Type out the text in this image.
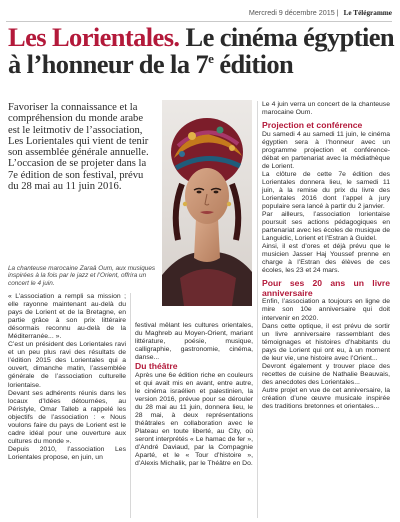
Mercredi 9 décembre 2015 | Le Télégramme
Les Lorientales. Le cinéma égyptien
à l’honneur de la 7e édition

Favoriser la connaissance et la compréhension du monde arabe est le leitmotiv de l’association, Les Lorientales qui vient de tenir son assemblée générale annuelle. L’occasion de se projeter dans la 7e édition de son festival, prévu du 28 mai au 11 juin 2016.

La chanteuse marocaine Zaraâ Oum, aux musiques inspirées à la fois par le jazz et l’Orient, offrira un concert le 4 juin.

« L’association a rempli sa mission ; elle rayonne maintenant au-delà du pays de Lorient et de la Bretagne, en partie grâce à son prix littéraire désormais reconnu au-delà de la Méditerranée... ».

C’est un président des Lorientales ravi et un peu plus ravi des résultats de l’édition 2015 des Lorientales qui a ouvert, dimanche matin, l’assemblée générale de l’association culturelle lorientaise.

Devant ses adhérents réunis dans les locaux d’Idées détournées, au Péristyle, Omar Talleb a rappelé les objectifs de l’association : « Nous voulons faire du pays de Lorient est le cadre idéal pour une ouverture aux cultures du monde ».

Depuis 2010, l’association Les Lorientales propose, en juin, un

festival mêlant les cultures orientales, du Maghreb au Moyen-Orient, mariant littérature, poésie, musique, calligraphie, gastronomie, cinéma, danse...

Du théâtre

Après une 6e édition riche en couleurs et qui avait mis en avant, entre autre, le cinéma israélien et palestinien, la version 2016, prévue pour se dérouler du 28 mai au 11 juin, donnera lieu, le 28 mai, à deux représentations théâtrales en collaboration avec le Plateau en toute liberté, au City, où seront interprétés « Le hamac de fer », d’André Daviaud, par la Compagnie Aparté, et le « Tour d’histoire », d’Alexis Michalik, par le Théâtre en Do.

Le 4 juin verra un concert de la chanteuse marocaine Oum.

Projection et conférence

Du samedi 4 au samedi 11 juin, le cinéma égyptien sera à l’honneur avec un programme projection et conférence-débat en partenariat avec la médiathèque de Lorient.

La clôture de cette 7e édition des Lorientales donnera lieu, le samedi 11 juin, à la remise du prix du livre des Lorientales 2016 dont l’appel à jury populaire sera lancé à partir du 2 janvier.

Par ailleurs, l’association lorientaise poursuit ses actions pédagogiques en partenariat avec les écoles de musique de Languidic, Lorient et l’Estran à Guidel.

Ainsi, il est d’ores et déjà prévu que le musicien Jasser Haj Youssef prenne en charge à l’Estran des élèves de ces écoles, les 23 et 24 mars.

Pour ses 20 ans un livre anniversaire

Enfin, l’association a toujours en ligne de mire son 10e anniversaire qui doit intervenir en 2020.

Dans cette optique, il est prévu de sortir un livre anniversaire rassemblant des témoignages et histoires d’habitants du pays de Lorient qui ont eu, à un moment de leur vie, une histoire avec l’Orient...

Devront également y trouver place des recettes de cuisine de Nathalie Beauvais, des anecdotes des Lorientales...

Autre projet en vue de cet anniversaire, la création d’une œuvre musicale inspirée des traditions bretonnes et orientales...
